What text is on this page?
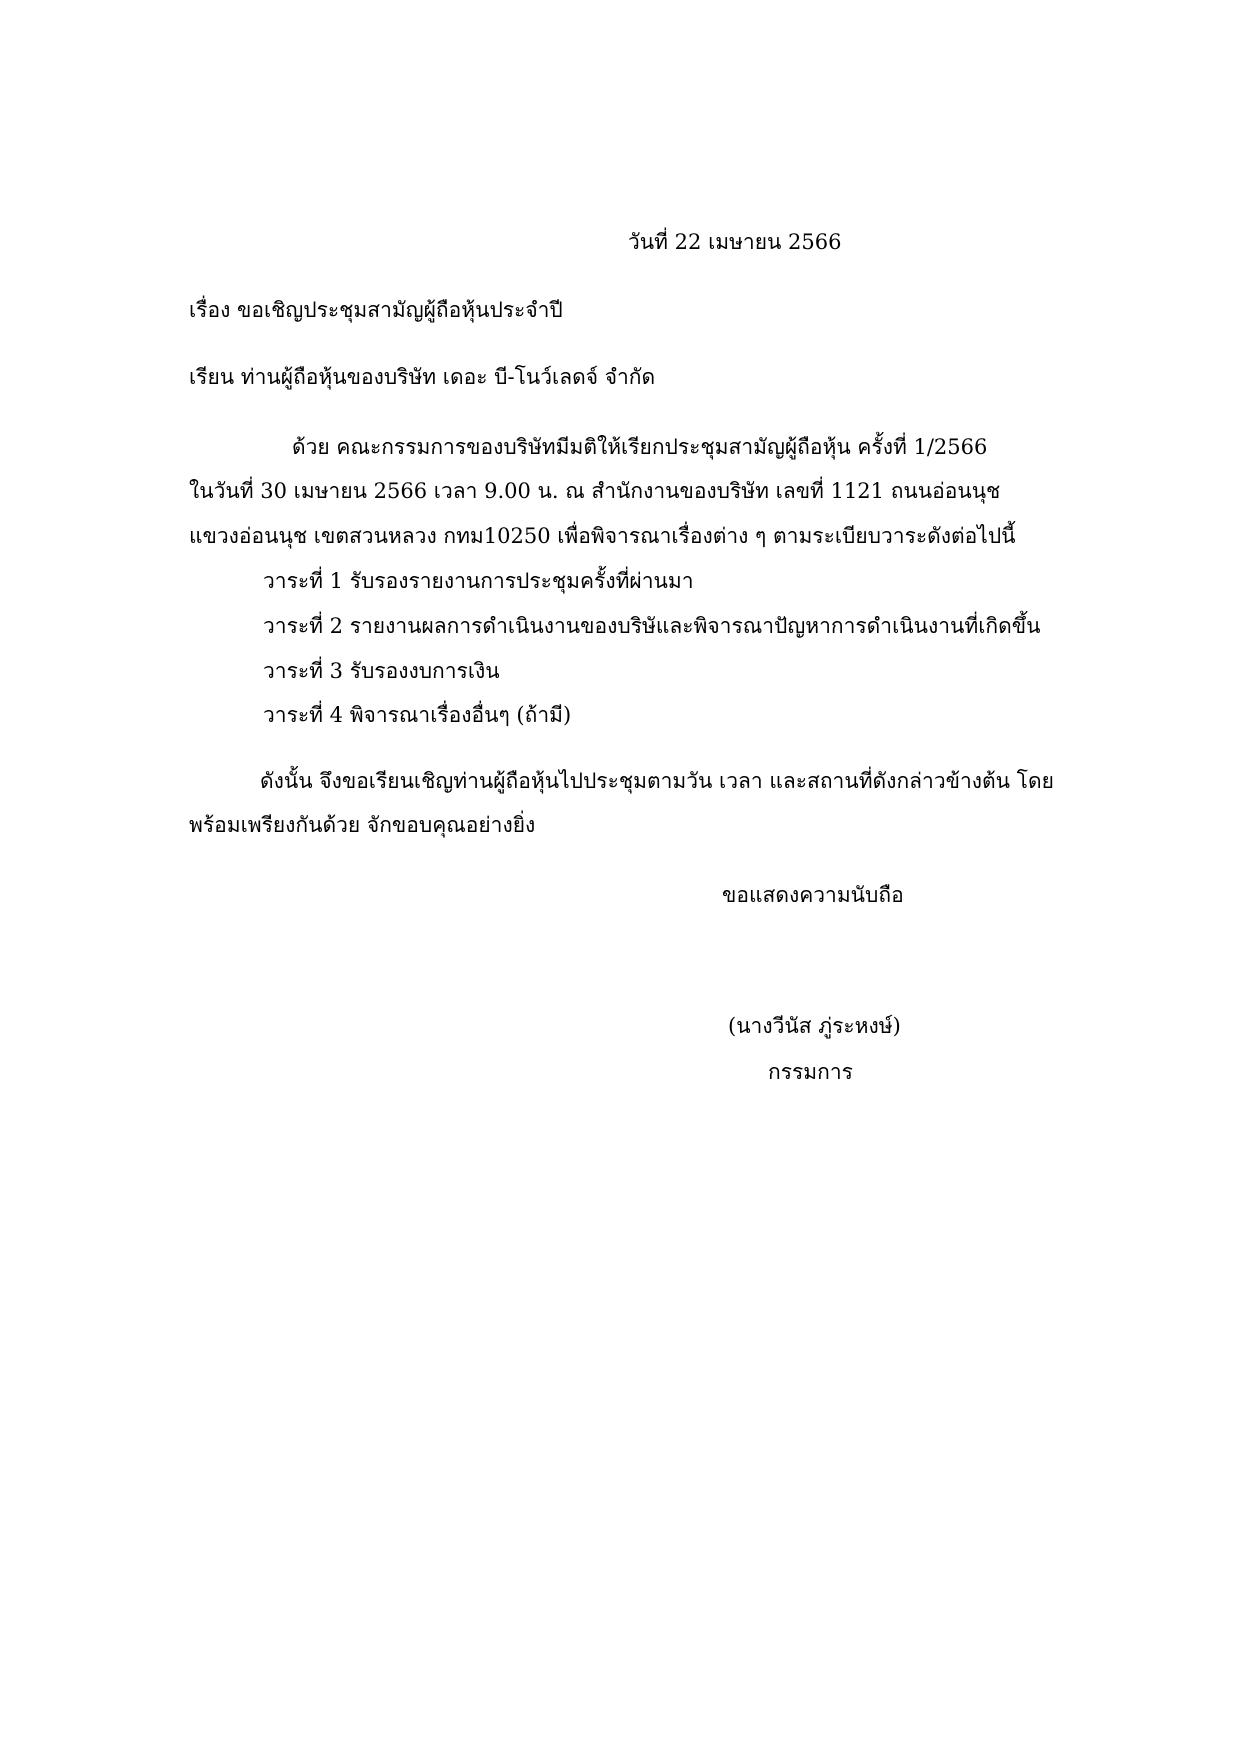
วันที่ 22 เมษายน 2566
เรื่อง ขอเชิญประชุมสามัญผู้ถือหุ้นประจำปี
เรียน ท่านผู้ถือหุ้นของบริษัท เดอะ บี-โนว์เลดจ์ จำกัด
ด้วย คณะกรรมการของบริษัทมีมติให้เรียกประชุมสามัญผู้ถือหุ้น ครั้งที่ 1/2566
ในวันที่ 30 เมษายน 2566 เวลา 9.00 น. ณ สำนักงานของบริษัท เลขที่ 1121 ถนนอ่อนนุช
แขวงอ่อนนุช เขตสวนหลวง กทม10250 เพื่อพิจารณาเรื่องต่าง ๆ ตามระเบียบวาระดังต่อไปนี้
วาระที่ 1 รับรองรายงานการประชุมครั้งที่ผ่านมา
วาระที่ 2 รายงานผลการดำเนินงานของบริษัและพิจารณาปัญหาการดำเนินงานที่เกิดขึ้น
วาระที่ 3 รับรองงบการเงิน
วาระที่ 4 พิจารณาเรื่องอื่นๆ (ถ้ามี)
ดังนั้น จึงขอเรียนเชิญท่านผู้ถือหุ้นไปประชุมตามวัน เวลา และสถานที่ดังกล่าวข้างต้น โดย
พร้อมเพรียงกันด้วย จักขอบคุณอย่างยิ่ง
ขอแสดงความนับถือ
(นางวีนัส ภู่ระหงษ์)
กรรมการ
